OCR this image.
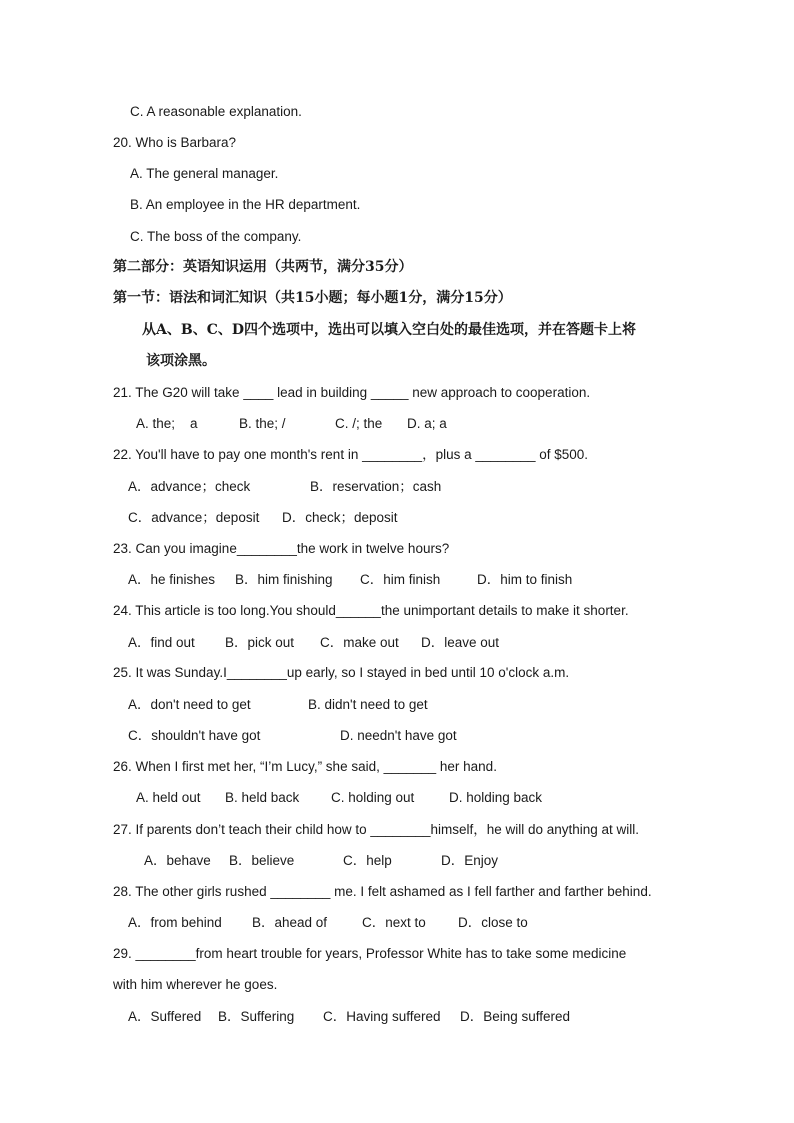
C. A reasonable explanation.
20. Who is Barbara?
A. The general manager.
B. An employee in the HR department.
C. The boss of the company.
第二部分：英语知识运用（共两节，满分35分）
第一节：语法和词汇知识（共15小题；每小题1分，满分15分）
从A、B、C、D四个选项中，选出可以填入空白处的最佳选项，并在答题卡上将
该项涂黑。
21. The G20 will take ____ lead in building _____ new approach to cooperation.
A. the;    a	B. the; /	C. /; the D. a; a
22. You'll have to pay one month's rent in ________，plus a ________ of $500.
A．advance；check	B．reservation；cash
C．advance；deposit D．check；deposit
23. Can you imagine________the work in twelve hours?
A．he finishes B．him finishing C．him finish	D．him to finish
24. This article is too long.You should______the unimportant details to make it shorter.
A．find out B．pick out C．make out D．leave out
25. It was Sunday.I________up early, so I stayed in bed until 10 o'clock a.m.
A．don't need to get	B. didn't need to get
C．shouldn't have got	D. needn't have got
26. When I first met her, “I’m Lucy,” she said, _______ her hand.
A. held out B. held back C. holding out	D. holding back
27. If parents don’t teach their child how to ________himself，he will do anything at will.
A．behave B．believe	C．help	D．Enjoy
28. The other girls rushed ________ me. I felt ashamed as I fell farther and farther behind.
A．from behind B．ahead of	C．next to D．close to
29. ________from heart trouble for years, Professor White has to take some medicine
with him wherever he goes.
A．Suffered B．Suffering C．Having suffered D．Being suffered
